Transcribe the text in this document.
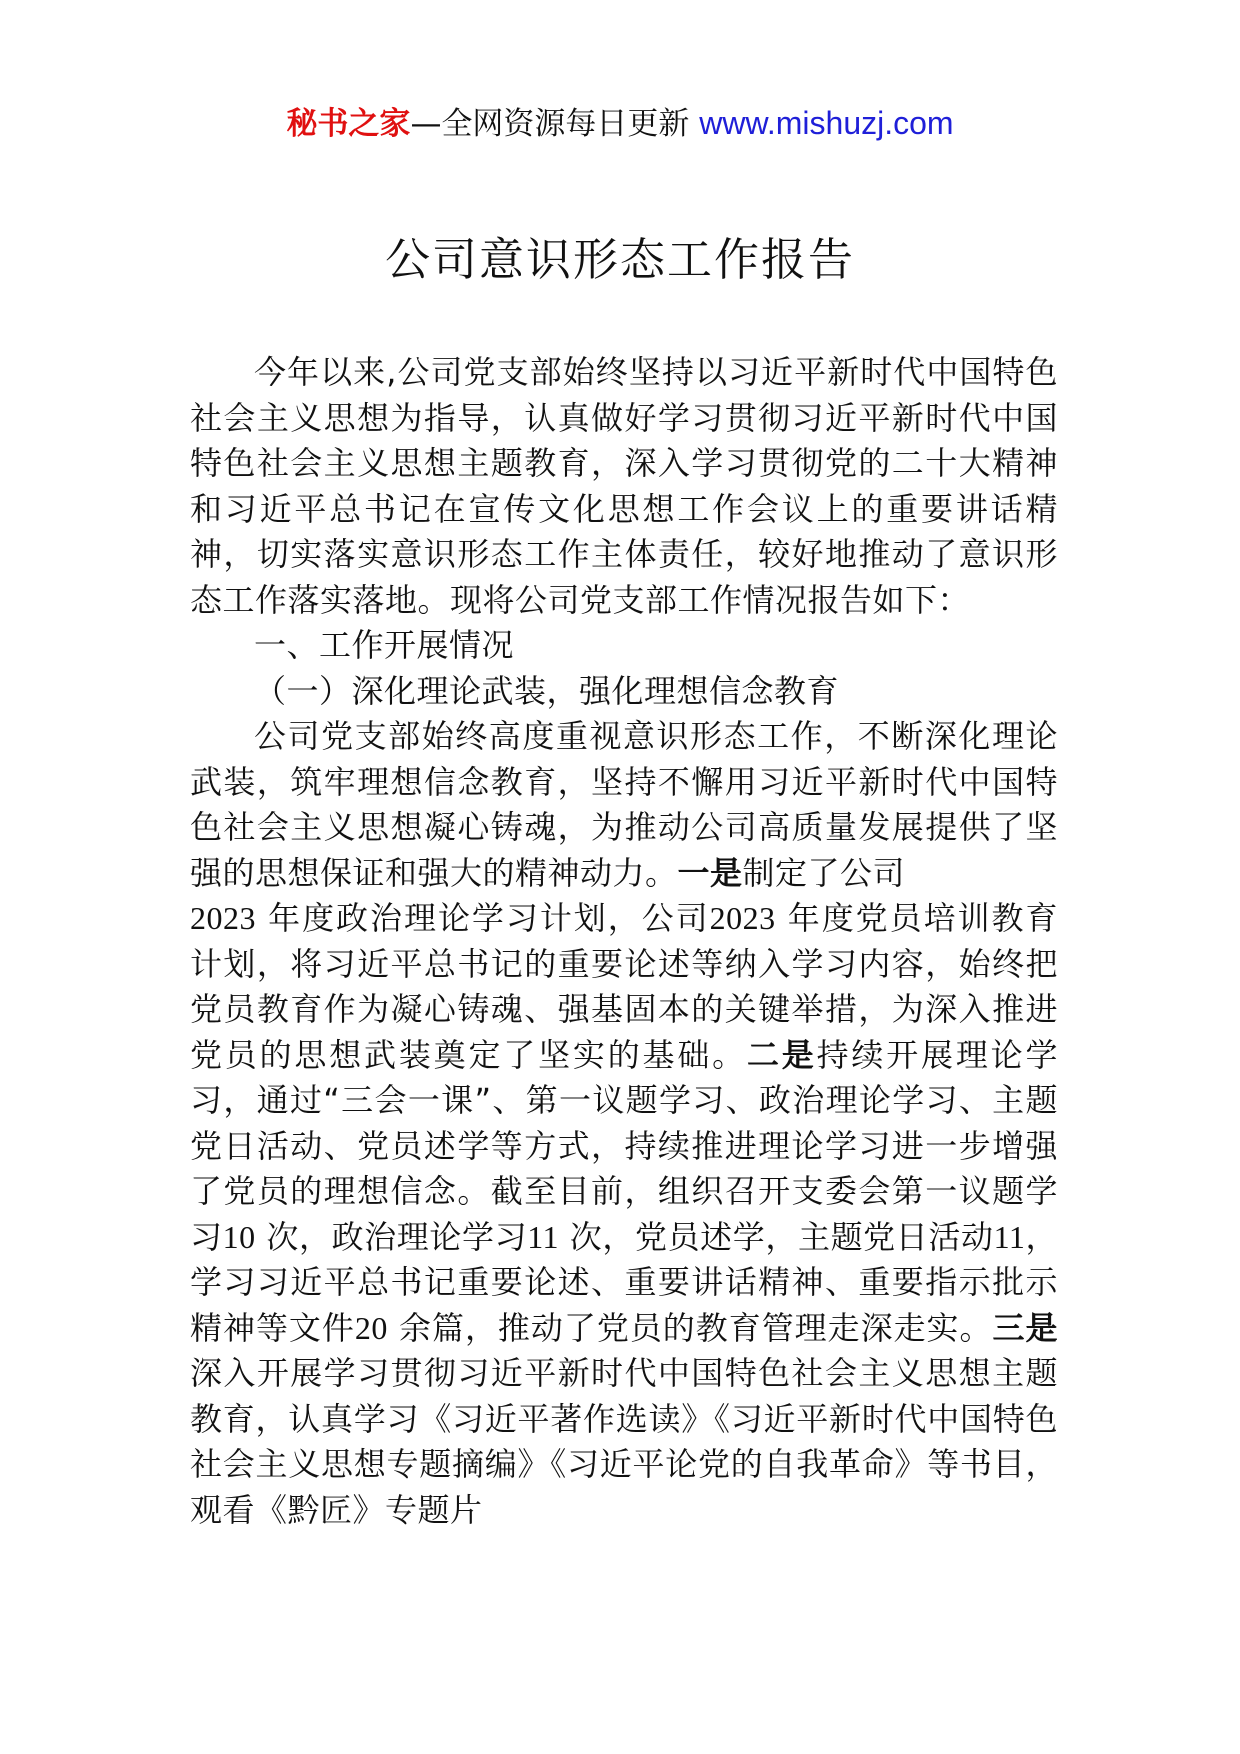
秘书之家—全网资源每日更新 www.mishuzj.com
公司意识形态工作报告

今年以来,公司党支部始终坚持以习近平新时代中国特色社会主义思想为指导，认真做好学习贯彻习近平新时代中国特色社会主义思想主题教育，深入学习贯彻党的二十大精神和习近平总书记在宣传文化思想工作会议上的重要讲话精神，切实落实意识形态工作主体责任，较好地推动了意识形态工作落实落地。现将公司党支部工作情况报告如下：

一、工作开展情况

（一）深化理论武装，强化理想信念教育

公司党支部始终高度重视意识形态工作，不断深化理论武装，筑牢理想信念教育，坚持不懈用习近平新时代中国特色社会主义思想凝心铸魂，为推动公司高质量发展提供了坚强的思想保证和强大的精神动力。一是制定了公司
2023 年度政治理论学习计划，公司2023 年度党员培训教育计划，将习近平总书记的重要论述等纳入学习内容，始终把党员教育作为凝心铸魂、强基固本的关键举措，为深入推进党员的思想武装奠定了坚实的基础。二是持续开展理论学习，通过“三会一课”、第一议题学习、政治理论学习、主题党日活动、党员述学等方式，持续推进理论学习进一步增强了党员的理想信念。截至目前，组织召开支委会第一议题学习10 次，政治理论学习11 次，党员述学，主题党日活动11，学习习近平总书记重要论述、重要讲话精神、重要指示批示精神等文件20 余篇，推动了党员的教育管理走深走实。三是深入开展学习贯彻习近平新时代中国特色社会主义思想主题教育，认真学习《习近平著作选读》《习近平新时代中国特色社会主义思想专题摘编》《习近平论党的自我革命》等书目，观看《黔匠》专题片
